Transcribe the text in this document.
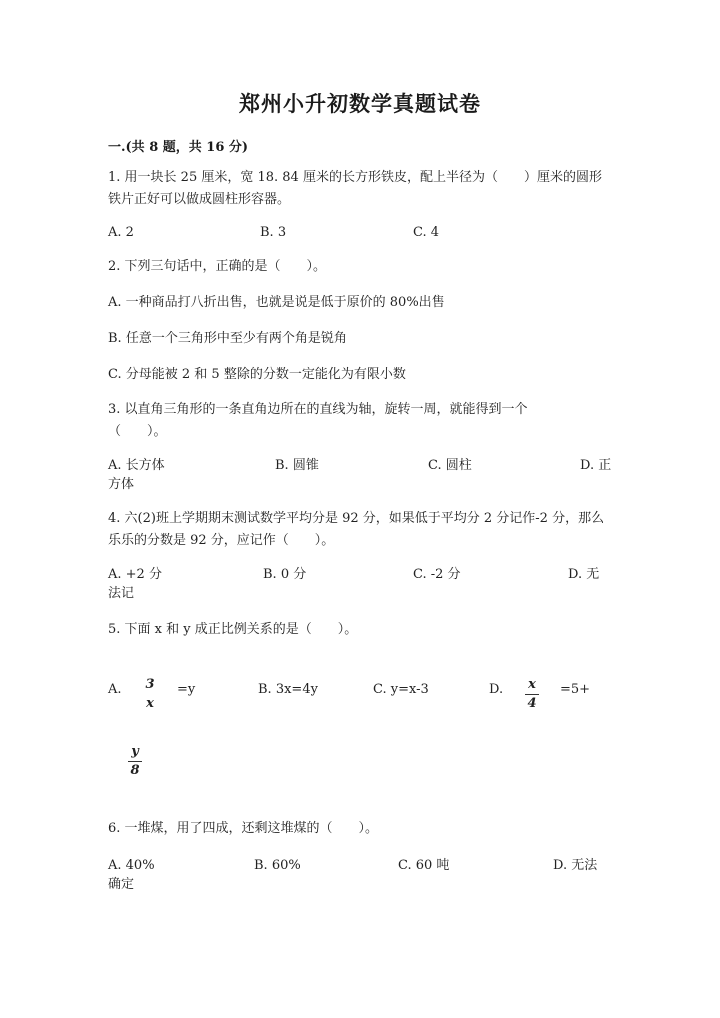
郑州小升初数学真题试卷
一.(共 8 题，共 16 分)
1. 用一块长 25 厘米，宽 18. 84 厘米的长方形铁皮，配上半径为（　　）厘米的圆形铁片正好可以做成圆柱形容器。
A. 2	B. 3	C. 4
2. 下列三句话中，正确的是（　　）。
A. 一种商品打八折出售，也就是说是低于原价的 80%出售
B. 任意一个三角形中至少有两个角是锐角
C. 分母能被 2 和 5 整除的分数一定能化为有限小数
3. 以直角三角形的一条直角边所在的直线为轴，旋转一周，就能得到一个（　　）。
A. 长方体	B. 圆锥	C. 圆柱	D. 正
方体
4. 六(2)班上学期期末测试数学平均分是 92 分，如果低于平均分 2 分记作-2 分，那么乐乐的分数是 92 分，应记作（　　）。
A. +2 分	B. 0 分	C. -2 分	D. 无
法记
5. 下面 x 和 y 成正比例关系的是（　　）。
A. 3
x
=y	B. 3x=4y	C. y=x-3	D. x
4
=5+
y
8
6. 一堆煤，用了四成，还剩这堆煤的（　　）。
A. 40%	B. 60%	C. 60 吨	D. 无法
确定
